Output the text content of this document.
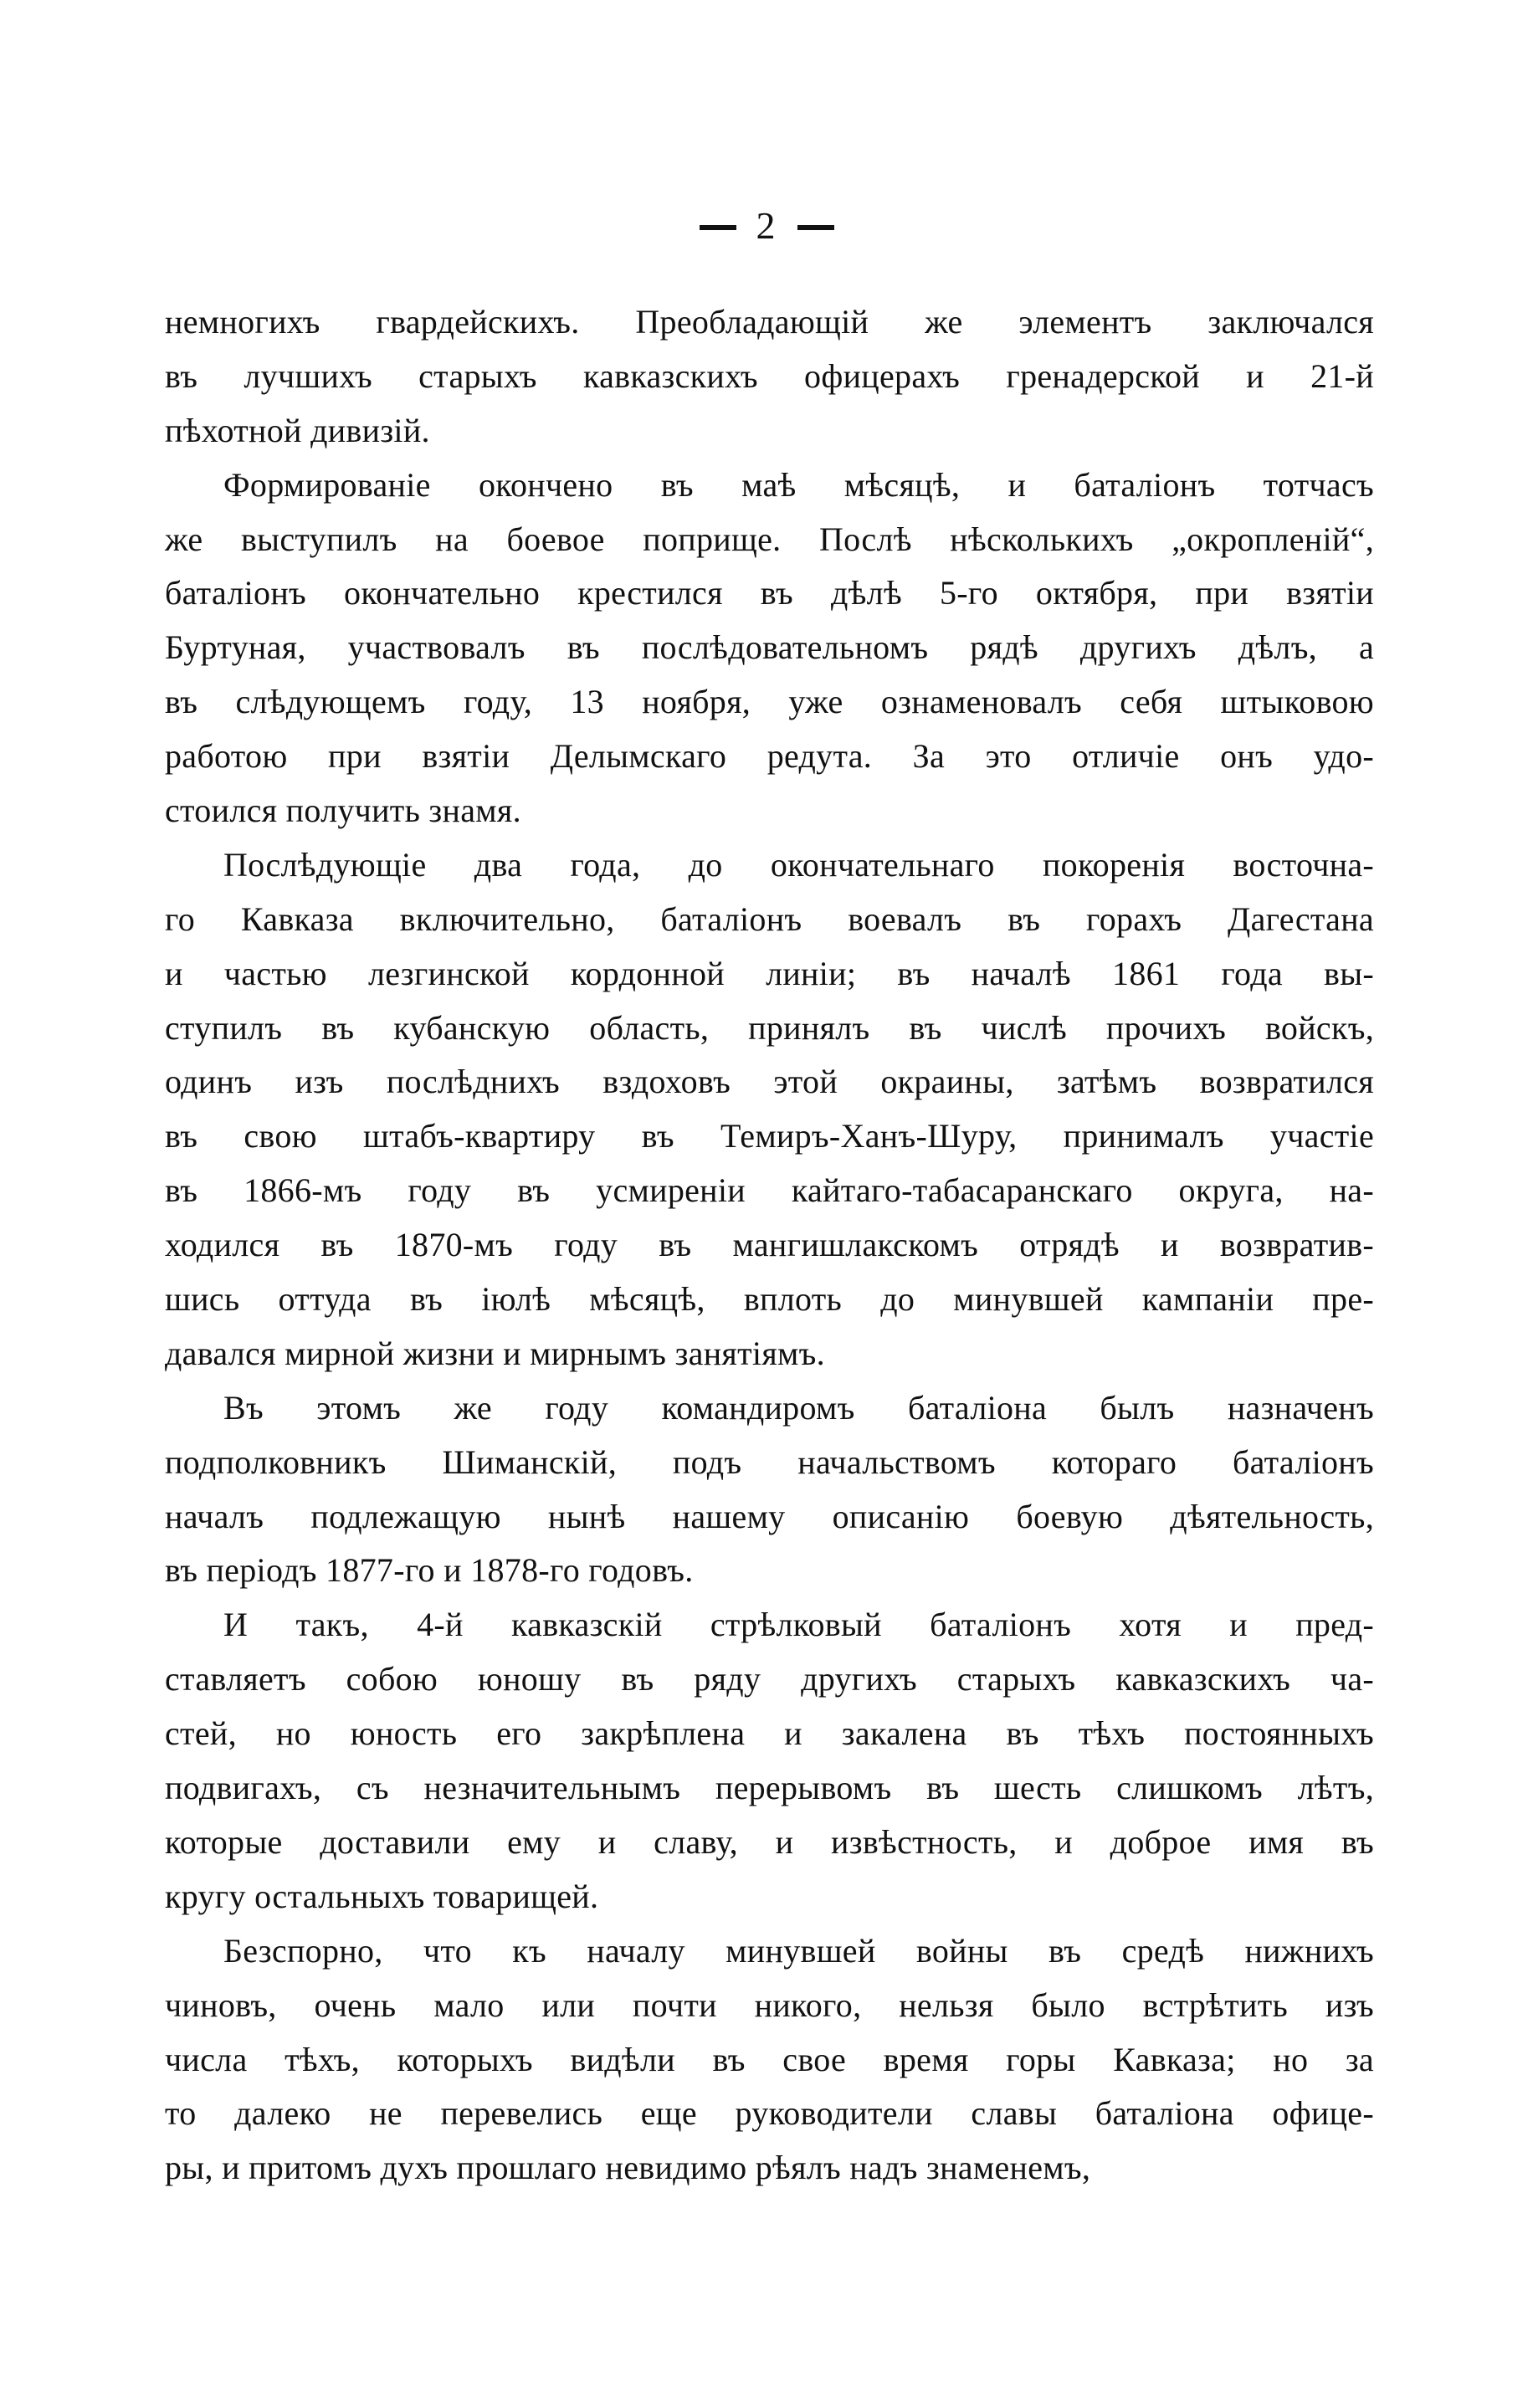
2
немногихъ гвардейскихъ. Преобладающій же элементъ заключался
въ лучшихъ старыхъ кавказскихъ офицерахъ гренадерской и 21-й
пѣхотной дивизій.
Формированіе окончено въ маѣ мѣсяцѣ, и баталіонъ тотчасъ
же выступилъ на боевое поприще. Послѣ нѣсколькихъ „окропленій“,
баталіонъ окончательно крестился въ дѣлѣ 5-го октября, при взятіи
Буртуная, участвовалъ въ послѣдовательномъ рядѣ другихъ дѣлъ, а
въ слѣдующемъ году, 13 ноября, уже ознаменовалъ себя штыковою
работою при взятіи Делымскаго редута. За это отличіе онъ удо-
стоился получить знамя.
Послѣдующіе два года, до окончательнаго покоренія восточна-
го Кавказа включительно, баталіонъ воевалъ въ горахъ Дагестана
и частью лезгинской кордонной линіи; въ началѣ 1861 года вы-
ступилъ въ кубанскую область, принялъ въ числѣ прочихъ войскъ,
одинъ изъ послѣднихъ вздоховъ этой окраины, затѣмъ возвратился
въ свою штабъ-квартиру въ Темиръ-Ханъ-Шуру, принималъ участіе
въ 1866-мъ году въ усмиреніи кайтаго-табасаранскаго округа, на-
ходился въ 1870-мъ году въ мангишлакскомъ отрядѣ и возвратив-
шись оттуда въ іюлѣ мѣсяцѣ, вплоть до минувшей кампаніи пре-
давался мирной жизни и мирнымъ занятіямъ.
Въ этомъ же году командиромъ баталіона былъ назначенъ
подполковникъ Шиманскій, подъ начальствомъ котораго баталіонъ
началъ подлежащую нынѣ нашему описанію боевую дѣятельность,
въ періодъ 1877-го и 1878-го годовъ.
И такъ, 4-й кавказскій стрѣлковый баталіонъ хотя и пред-
ставляетъ собою юношу въ ряду другихъ старыхъ кавказскихъ ча-
стей, но юность его закрѣплена и закалена въ тѣхъ постоянныхъ
подвигахъ, съ незначительнымъ перерывомъ въ шесть слишкомъ лѣтъ,
которые доставили ему и славу, и извѣстность, и доброе имя въ
кругу остальныхъ товарищей.
Безспорно, что къ началу минувшей войны въ средѣ нижнихъ
чиновъ, очень мало или почти никого, нельзя было встрѣтить изъ
числа тѣхъ, которыхъ видѣли въ свое время горы Кавказа; но за
то далеко не перевелись еще руководители славы баталіона офице-
ры, и притомъ духъ прошлаго невидимо рѣялъ надъ знаменемъ,
